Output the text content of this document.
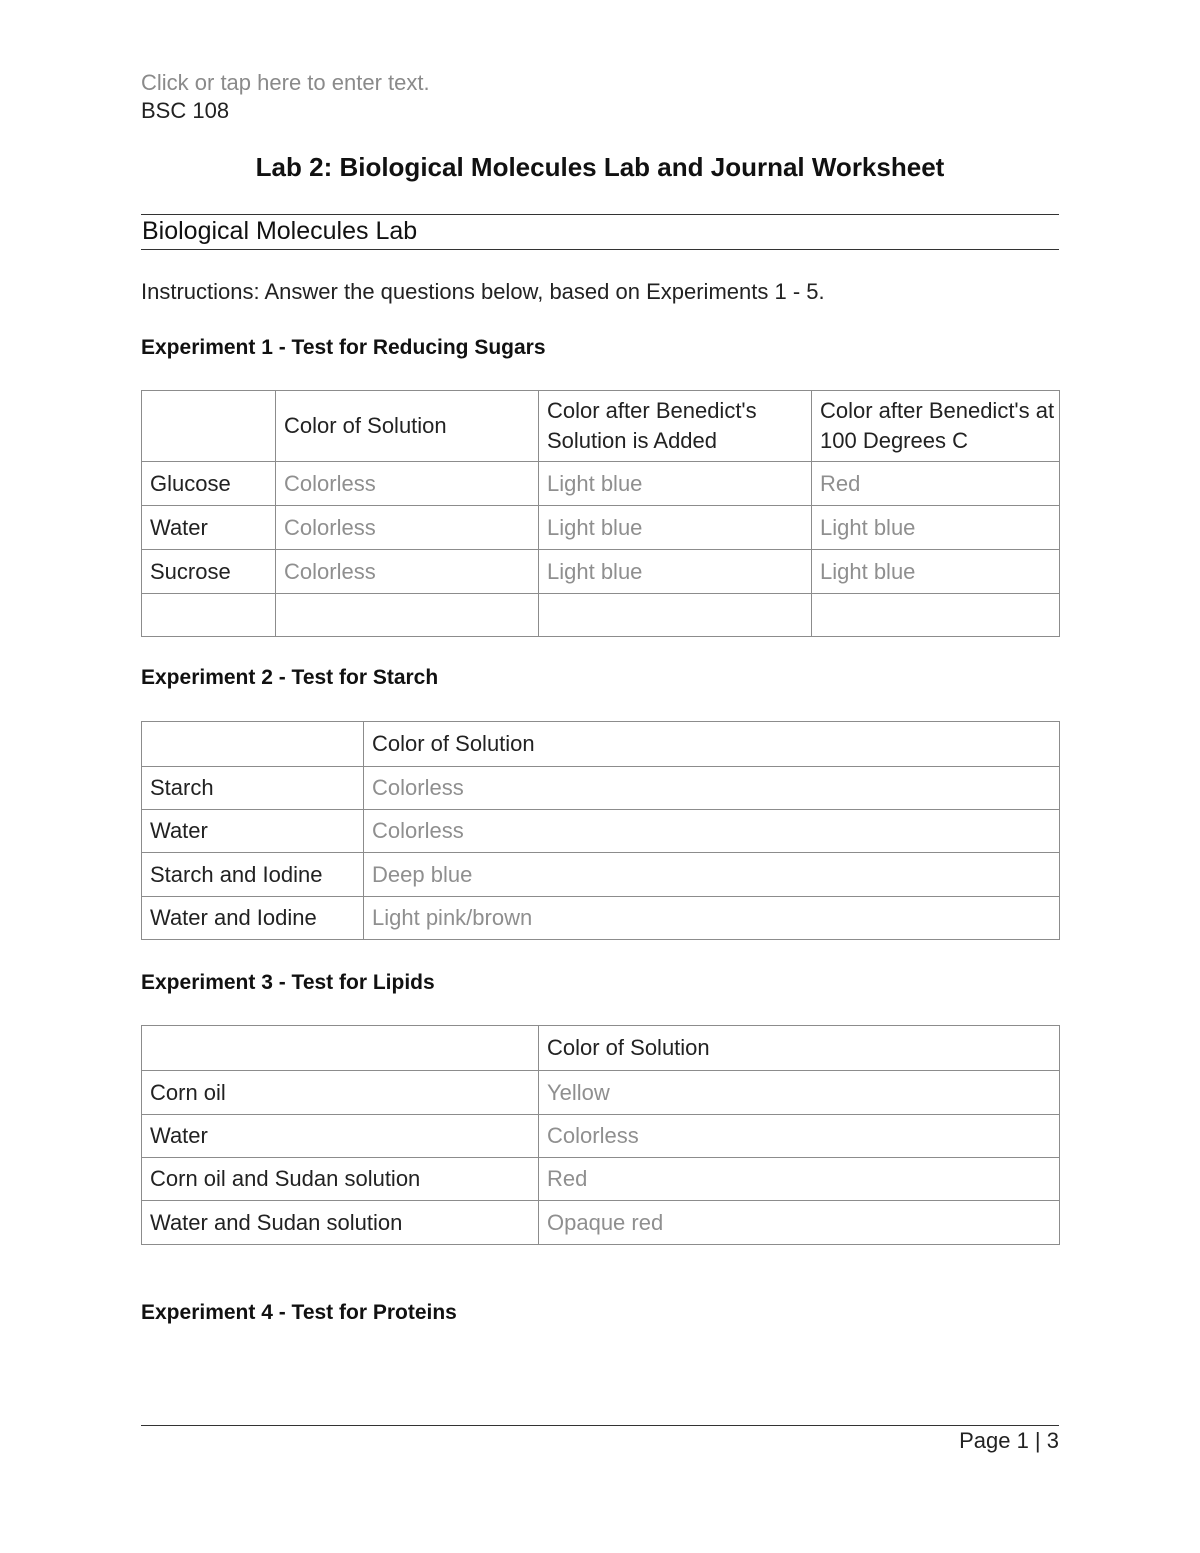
Click or tap here to enter text.
BSC 108
Lab 2: Biological Molecules Lab and Journal Worksheet
Biological Molecules Lab
Instructions: Answer the questions below, based on Experiments 1 - 5.
Experiment 1 - Test for Reducing Sugars
	Color of Solution	Color after Benedict's Solution is Added	Color after Benedict's at 100 Degrees C
Glucose	Colorless	Light blue	Red
Water	Colorless	Light blue	Light blue
Sucrose	Colorless	Light blue	Light blue

Experiment 2 - Test for Starch
	Color of Solution
Starch	Colorless
Water	Colorless
Starch and Iodine	Deep blue
Water and Iodine	Light pink/brown
Experiment 3 - Test for Lipids
	Color of Solution
Corn oil	Yellow
Water	Colorless
Corn oil and Sudan solution	Red
Water and Sudan solution	Opaque red
Experiment 4 - Test for Proteins
Page 1 | 3
